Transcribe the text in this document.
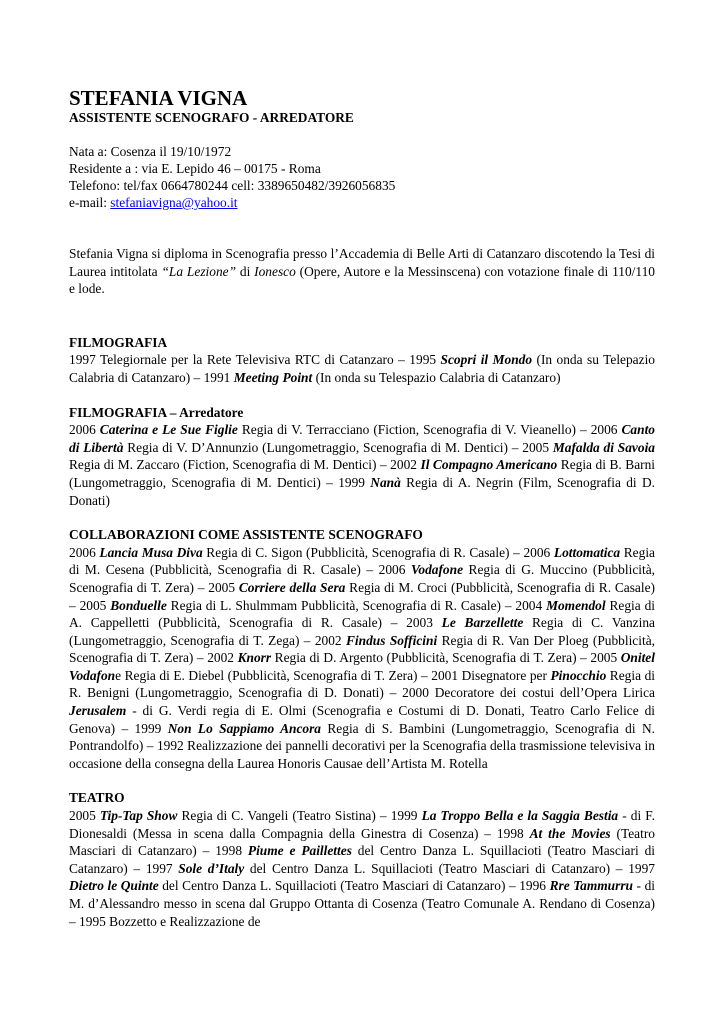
STEFANIA VIGNA

ASSISTENTE SCENOGRAFO - ARREDATORE

Nata a: Cosenza il 19/10/1972

Residente a : via E. Lepido 46 – 00175 - Roma

Telefono: tel/fax 0664780244 cell: 3389650482/3926056835

e-mail: stefaniavigna@yahoo.it

Stefania Vigna si diploma in Scenografia presso l’Accademia di Belle Arti di Catanzaro discotendo la Tesi di Laurea intitolata “La Lezione” di Ionesco (Opere, Autore e la Messinscena) con votazione finale di 110/110 e lode.

FILMOGRAFIA

1997 Telegiornale per la Rete Televisiva RTC di Catanzaro – 1995 Scopri il Mondo (In onda su Telepazio Calabria di Catanzaro) – 1991 Meeting Point (In onda su Telespazio Calabria di Catanzaro)

FILMOGRAFIA – Arredatore

2006 Caterina e Le Sue Figlie Regia di V. Terracciano (Fiction, Scenografia di V. Vieanello) – 2006 Canto di Libertà Regia di V. D’Annunzio (Lungometraggio, Scenografia di M. Dentici) – 2005 Mafalda di Savoia Regia di M. Zaccaro (Fiction, Scenografia di M. Dentici) – 2002 Il Compagno Americano Regia di B. Barni (Lungometraggio, Scenografia di M. Dentici) – 1999 Nanà Regia di A. Negrin (Film, Scenografia di D. Donati)

COLLABORAZIONI COME ASSISTENTE SCENOGRAFO

2006 Lancia Musa Diva Regia di C. Sigon (Pubblicità, Scenografia di R. Casale) – 2006 Lottomatica Regia di M. Cesena (Pubblicità, Scenografia di R. Casale) – 2006 Vodafone Regia di G. Muccino (Pubblicità, Scenografia di T. Zera) – 2005 Corriere della Sera Regia di M. Croci (Pubblicità, Scenografia di R. Casale) – 2005 Bonduelle Regia di L. Shulmmam Pubblicità, Scenografia di R. Casale) – 2004 Momendol Regia di A. Cappelletti (Pubblicità, Scenografia di R. Casale) – 2003 Le Barzellette Regia di C. Vanzina (Lungometraggio, Scenografia di T. Zega) – 2002 Findus Sofficini Regia di R. Van Der Ploeg (Pubblicità, Scenografia di T. Zera) – 2002 Knorr Regia di D. Argento (Pubblicità, Scenografia di T. Zera) – 2005 Onitel Vodafone Regia di E. Diebel (Pubblicità, Scenografia di T. Zera) – 2001 Disegnatore per Pinocchio Regia di R. Benigni (Lungometraggio, Scenografia di D. Donati) – 2000 Decoratore dei costui dell’Opera Lirica Jerusalem - di G. Verdi regia di E. Olmi (Scenografia e Costumi di D. Donati, Teatro Carlo Felice di Genova) – 1999 Non Lo Sappiamo Ancora Regia di S. Bambini (Lungometraggio, Scenografia di N. Pontrandolfo) – 1992 Realizzazione dei pannelli decorativi per la Scenografia della trasmissione televisiva in occasione della consegna della Laurea Honoris Causae dell’Artista M. Rotella

TEATRO

2005 Tip-Tap Show Regia di C. Vangeli (Teatro Sistina) – 1999 La Troppo Bella e la Saggia Bestia - di F. Dionesaldi (Messa in scena dalla Compagnia della Ginestra di Cosenza) – 1998 At the Movies (Teatro Masciari di Catanzaro) – 1998 Piume e Paillettes del Centro Danza L. Squillacioti (Teatro Masciari di Catanzaro) – 1997 Sole d’Italy del Centro Danza L. Squillacioti (Teatro Masciari di Catanzaro) – 1997 Dietro le Quinte del Centro Danza L. Squillacioti (Teatro Masciari di Catanzaro) – 1996 Rre Tammurru - di M. d’Alessandro messo in scena dal Gruppo Ottanta di Cosenza (Teatro Comunale A. Rendano di Cosenza) – 1995 Bozzetto e Realizzazione de
